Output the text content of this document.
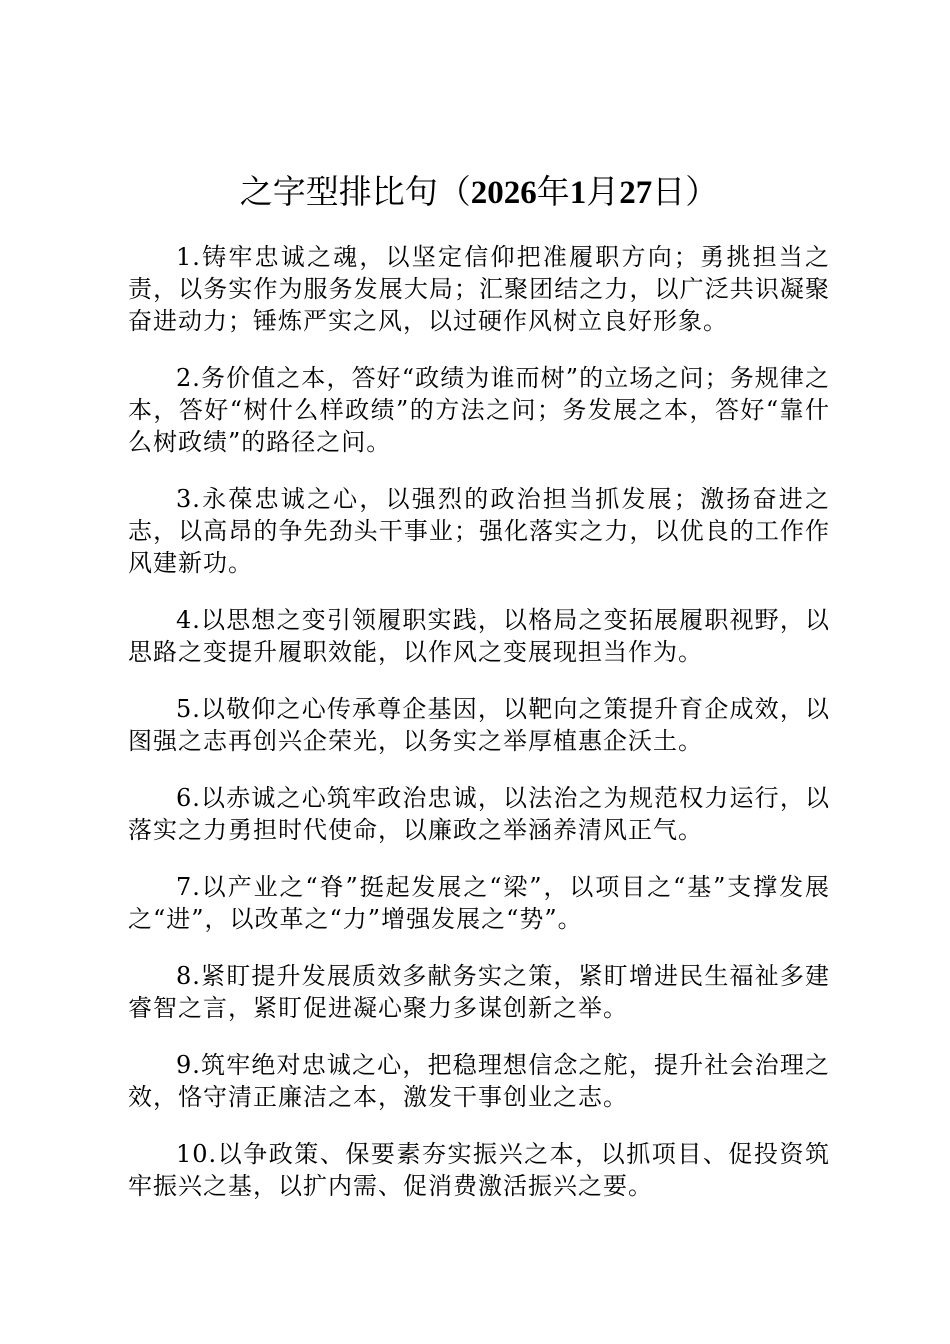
之字型排比句（2026年1月27日）

1.铸牢忠诚之魂，以坚定信仰把准履职方向；勇挑担当之责，以务实作为服务发展大局；汇聚团结之力，以广泛共识凝聚奋进动力；锤炼严实之风，以过硬作风树立良好形象。

2.务价值之本，答好“政绩为谁而树”的立场之问；务规律之本，答好“树什么样政绩”的方法之问；务发展之本，答好“靠什么树政绩”的路径之问。

3.永葆忠诚之心，以强烈的政治担当抓发展；激扬奋进之志，以高昂的争先劲头干事业；强化落实之力，以优良的工作作风建新功。

4.以思想之变引领履职实践，以格局之变拓展履职视野，以思路之变提升履职效能，以作风之变展现担当作为。

5.以敬仰之心传承尊企基因，以靶向之策提升育企成效，以图强之志再创兴企荣光，以务实之举厚植惠企沃土。

6.以赤诚之心筑牢政治忠诚，以法治之为规范权力运行，以落实之力勇担时代使命，以廉政之举涵养清风正气。

7.以产业之“脊”挺起发展之“梁”，以项目之“基”支撑发展之“进”，以改革之“力”增强发展之“势”。

8.紧盯提升发展质效多献务实之策，紧盯增进民生福祉多建睿智之言，紧盯促进凝心聚力多谋创新之举。

9.筑牢绝对忠诚之心，把稳理想信念之舵，提升社会治理之效，恪守清正廉洁之本，激发干事创业之志。

10.以争政策、保要素夯实振兴之本，以抓项目、促投资筑牢振兴之基，以扩内需、促消费激活振兴之要。
